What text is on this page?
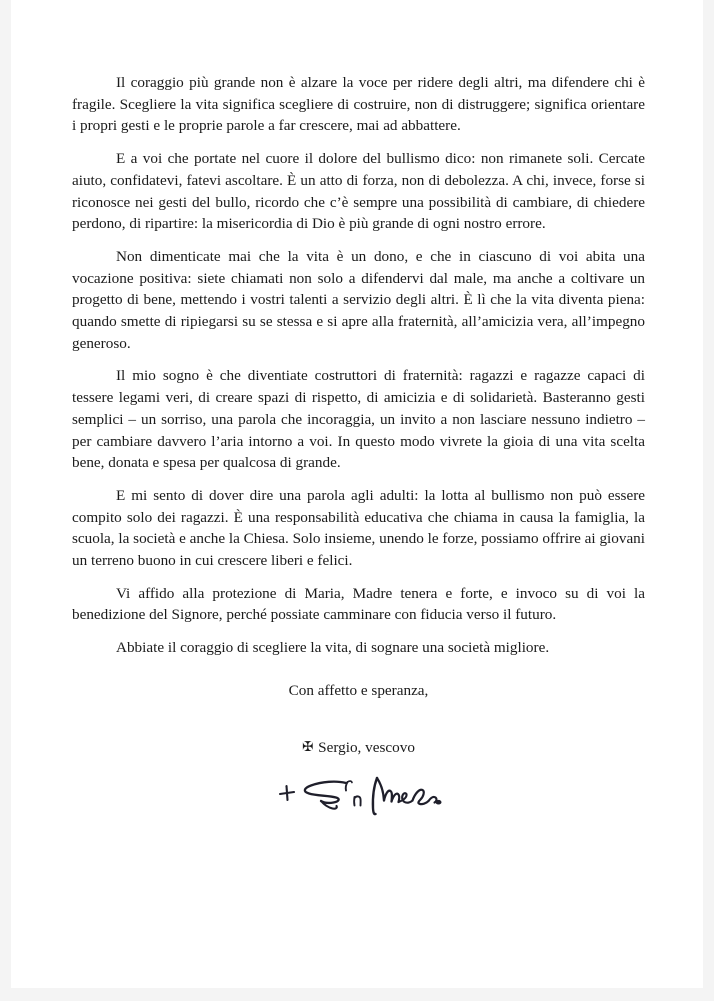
Il coraggio più grande non è alzare la voce per ridere degli altri, ma difendere chi è fragile. Scegliere la vita significa scegliere di costruire, non di distruggere; significa orientare i propri gesti e le proprie parole a far crescere, mai ad abbattere.

E a voi che portate nel cuore il dolore del bullismo dico: non rimanete soli. Cercate aiuto, confidatevi, fatevi ascoltare. È un atto di forza, non di debolezza. A chi, invece, forse si riconosce nei gesti del bullo, ricordo che c’è sempre una possibilità di cambiare, di chiedere perdono, di ripartire: la misericordia di Dio è più grande di ogni nostro errore.

Non dimenticate mai che la vita è un dono, e che in ciascuno di voi abita una vocazione positiva: siete chiamati non solo a difendervi dal male, ma anche a coltivare un progetto di bene, mettendo i vostri talenti a servizio degli altri. È lì che la vita diventa piena: quando smette di ripiegarsi su se stessa e si apre alla fraternità, all’amicizia vera, all’impegno generoso.

Il mio sogno è che diventiate costruttori di fraternità: ragazzi e ragazze capaci di tessere legami veri, di creare spazi di rispetto, di amicizia e di solidarietà. Basteranno gesti semplici – un sorriso, una parola che incoraggia, un invito a non lasciare nessuno indietro – per cambiare davvero l’aria intorno a voi. In questo modo vivrete la gioia di una vita scelta bene, donata e spesa per qualcosa di grande.

E mi sento di dover dire una parola agli adulti: la lotta al bullismo non può essere compito solo dei ragazzi. È una responsabilità educativa che chiama in causa la famiglia, la scuola, la società e anche la Chiesa. Solo insieme, unendo le forze, possiamo offrire ai giovani un terreno buono in cui crescere liberi e felici.

Vi affido alla protezione di Maria, Madre tenera e forte, e invoco su di voi la benedizione del Signore, perché possiate camminare con fiducia verso il futuro.

Abbiate il coraggio di scegliere la vita, di sognare una società migliore.

Con affetto e speranza,
✠ Sergio, vescovo
